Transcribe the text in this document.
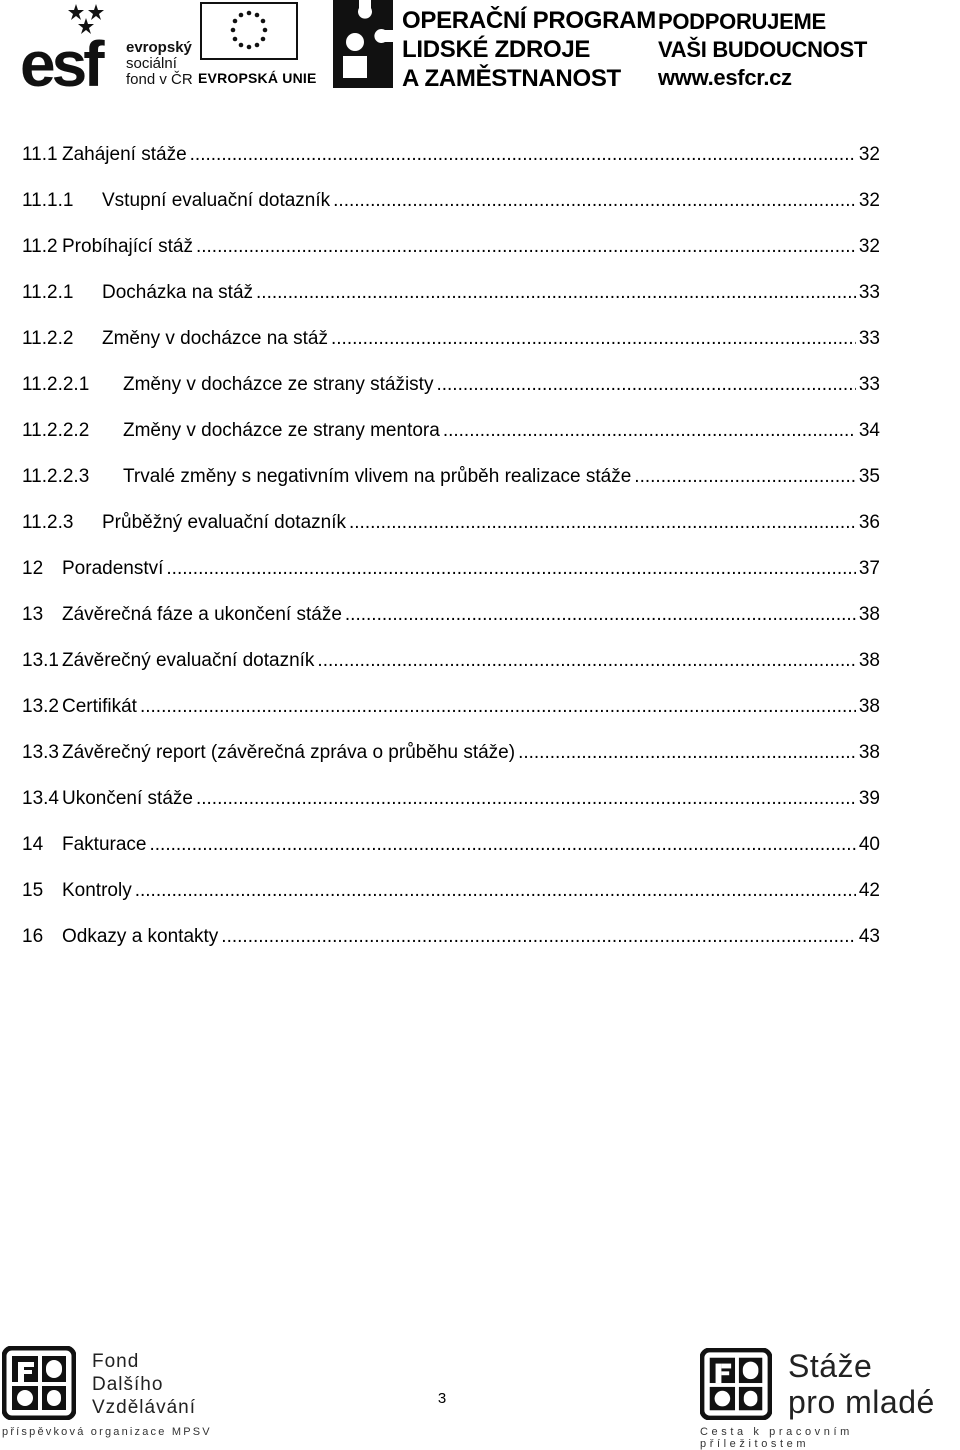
esf	evropský
sociální
fond v ČR EVROPSKÁ UNIE
OPERAČNÍ PROGRAM
LIDSKÉ ZDROJE
A ZAMĚSTNANOST
PODPORUJEME
VAŠI BUDOUCNOST
www.esfcr.cz
11.1 Zahájení stáže .....	32
11.1.1	Vstupní evaluační dotazník .....	32
11.2 Probíhající stáž .....	32
11.2.1	Docházka na stáž .....	33
11.2.2	Změny v docházce na stáž .....	33
11.2.2.1	Změny v docházce ze strany stážisty .....	33
11.2.2.2	Změny v docházce ze strany mentora .....	34
11.2.2.3	Trvalé změny s negativním vlivem na průběh realizace stáže .....	35
11.2.3	Průběžný evaluační dotazník .....	36
12 Poradenství .....	37
13 Závěrečná fáze a ukončení stáže .....	38
13.1 Závěrečný evaluační dotazník .....	38
13.2 Certifikát .....	38
13.3 Závěrečný report (závěrečná zpráva o průběhu stáže) .....	38
13.4 Ukončení stáže .....	39
14 Fakturace .....	40
15 Kontroly .....	42
16 Odkazy a kontakty .....	43
Fond
Dalšího
Vzdělávání
příspěvková organizace MPSV
3
Stáže
pro mladé
Cesta k pracovním příležitostem
